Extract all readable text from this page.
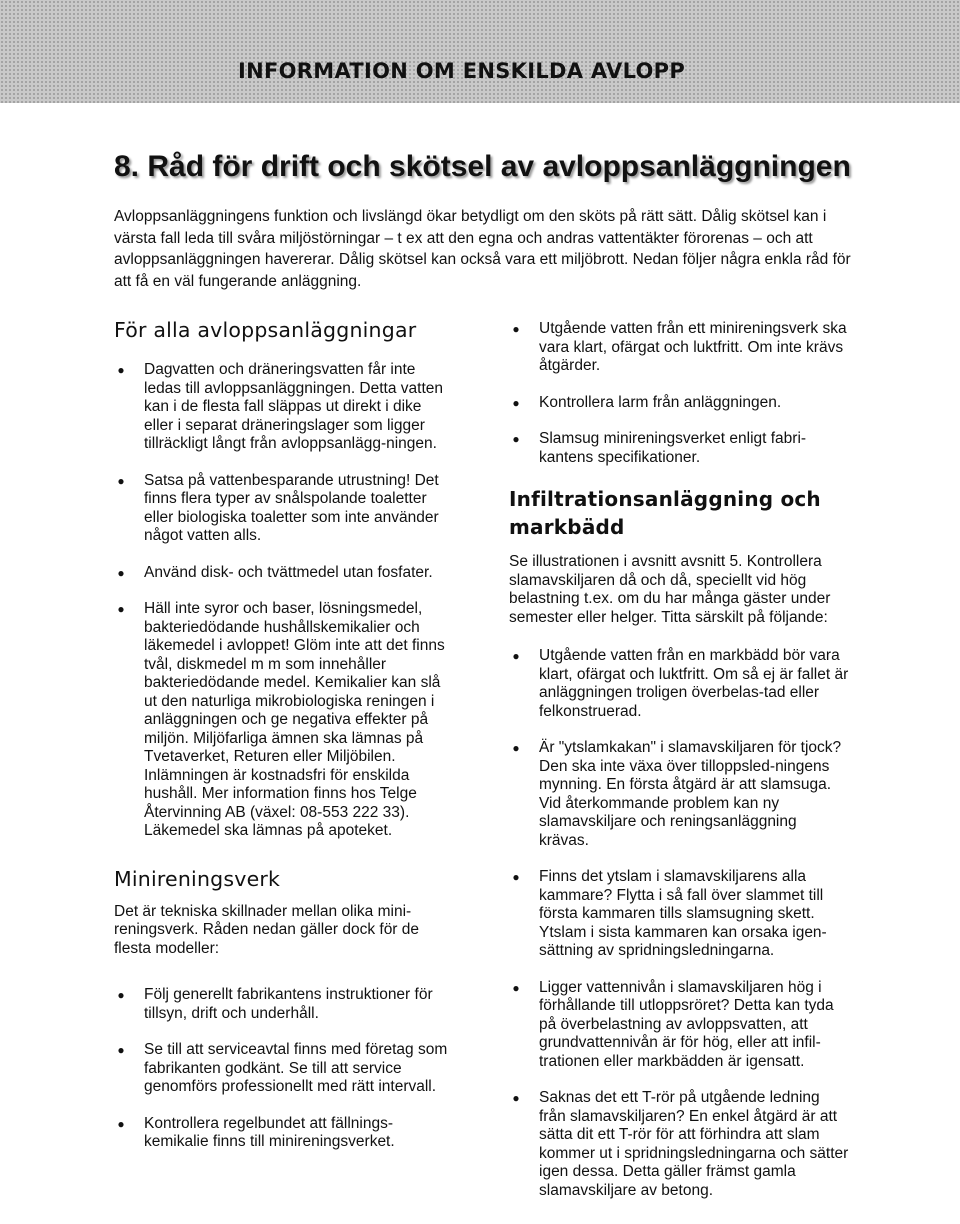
INFORMATION OM ENSKILDA AVLOPP
8. Råd för drift och skötsel av avloppsanläggningen

Avloppsanläggningens funktion och livslängd ökar betydligt om den sköts på rätt sätt. Dålig skötsel kan i värsta fall leda till svåra miljöstörningar – t ex att den egna och andras vattentäkter förorenas – och att avloppsanläggningen havererar. Dålig skötsel kan också vara ett miljöbrott. Nedan följer några enkla råd för att få en väl fungerande anläggning.

För alla avloppsanläggningar
● Dagvatten och dräneringsvatten får inte ledas till avloppsanläggningen. Detta vatten kan i de flesta fall släppas ut direkt i dike eller i separat dräneringslager som ligger tillräckligt långt från avloppsanlägg-ningen.
● Satsa på vattenbesparande utrustning! Det finns flera typer av snålspolande toaletter eller biologiska toaletter som inte använder något vatten alls.
● Använd disk- och tvättmedel utan fosfater.
● Häll inte syror och baser, lösningsmedel, bakteriedödande hushållskemikalier och läkemedel i avloppet! Glöm inte att det finns tvål, diskmedel m m som innehåller bakteriedödande medel. Kemikalier kan slå ut den naturliga mikrobiologiska reningen i anläggningen och ge negativa effekter på miljön. Miljöfarliga ämnen ska lämnas på Tvetaverket, Returen eller Miljöbilen. Inlämningen är kostnadsfri för enskilda hushåll. Mer information finns hos Telge Återvinning AB (växel: 08-553 222 33). Läkemedel ska lämnas på apoteket.
Minireningsverk

Det är tekniska skillnader mellan olika mini-reningsverk. Råden nedan gäller dock för de flesta modeller:

● Följ generellt fabrikantens instruktioner för tillsyn, drift och underhåll.
● Se till att serviceavtal finns med företag som fabrikanten godkänt. Se till att service genomförs professionellt med rätt intervall.
● Kontrollera regelbundet att fällnings-kemikalie finns till minireningsverket.
● Utgående vatten från ett minireningsverk ska vara klart, ofärgat och luktfritt. Om inte krävs åtgärder.
● Kontrollera larm från anläggningen.
● Slamsug minireningsverket enligt fabri-kantens specifikationer.
Infiltrationsanläggning och markbädd

Se illustrationen i avsnitt avsnitt 5. Kontrollera slamavskiljaren då och då, speciellt vid hög belastning t.ex. om du har många gäster under semester eller helger. Titta särskilt på följande:

● Utgående vatten från en markbädd bör vara klart, ofärgat och luktfritt. Om så ej är fallet är anläggningen troligen överbelas-tad eller felkonstruerad.
● Är "ytslamkakan" i slamavskiljaren för tjock? Den ska inte växa över tilloppsled-ningens mynning. En första åtgärd är att slamsuga. Vid återkommande problem kan ny slamavskiljare och reningsanläggning krävas.
● Finns det ytslam i slamavskiljarens alla kammare? Flytta i så fall över slammet till första kammaren tills slamsugning skett. Ytslam i sista kammaren kan orsaka igen-sättning av spridningsledningarna.
● Ligger vattennivån i slamavskiljaren hög i förhållande till utloppsröret? Detta kan tyda på överbelastning av avloppsvatten, att grundvattennivån är för hög, eller att infil-trationen eller markbädden är igensatt.
● Saknas det ett T-rör på utgående ledning från slamavskiljaren? En enkel åtgärd är att sätta dit ett T-rör för att förhindra att slam kommer ut i spridningsledningarna och sätter igen dessa. Detta gäller främst gamla slamavskiljare av betong.
